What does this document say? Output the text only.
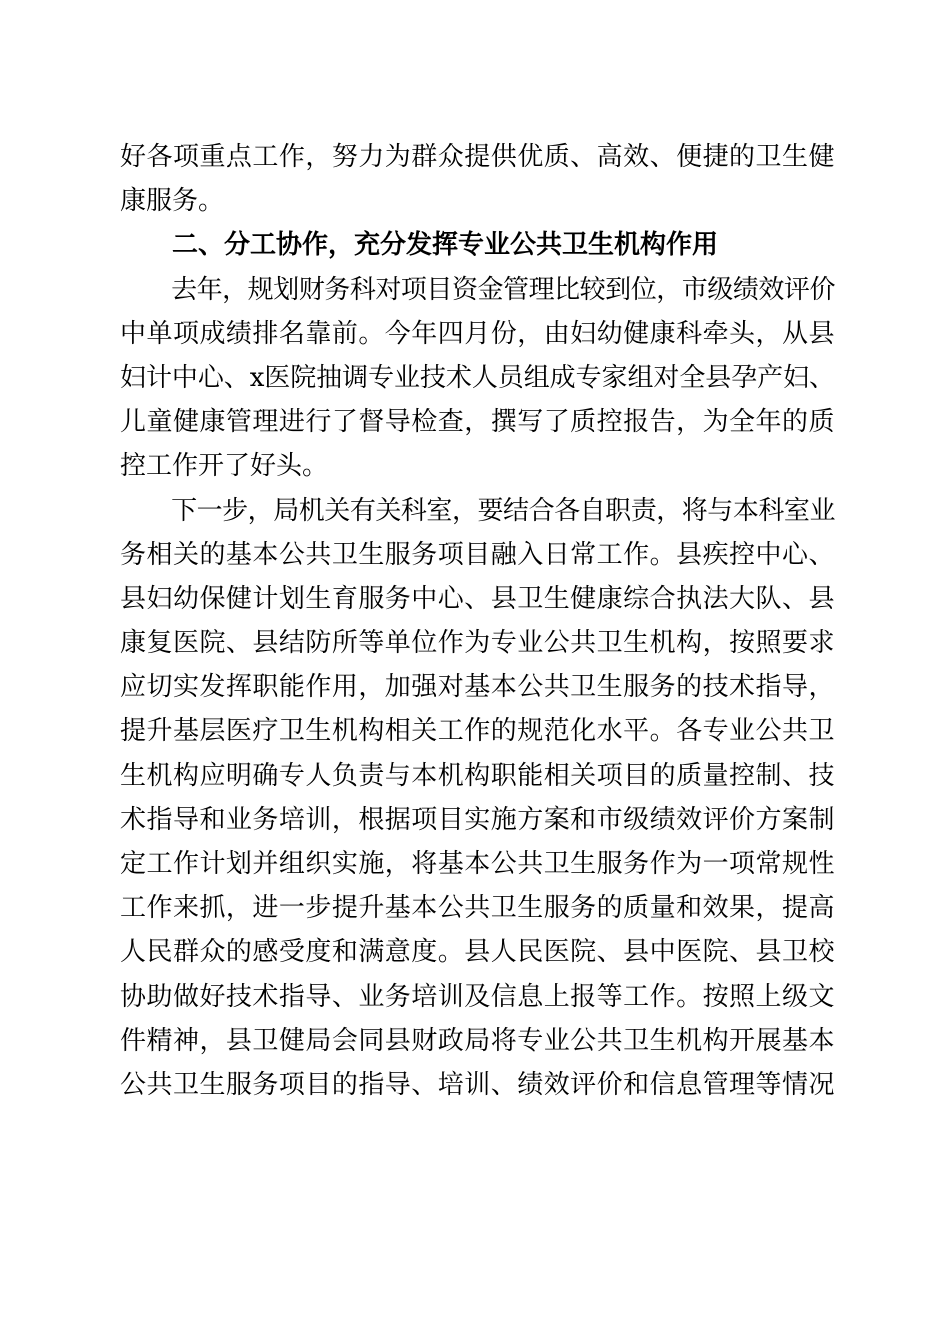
好各项重点工作，努力为群众提供优质、高效、便捷的卫生健
康服务。
　　二、分工协作，充分发挥专业公共卫生机构作用
　　去年，规划财务科对项目资金管理比较到位，市级绩效评价
中单项成绩排名靠前。今年四月份，由妇幼健康科牵头，从县
妇计中心、x医院抽调专业技术人员组成专家组对全县孕产妇、
儿童健康管理进行了督导检查，撰写了质控报告，为全年的质
控工作开了好头。
　　下一步，局机关有关科室，要结合各自职责，将与本科室业
务相关的基本公共卫生服务项目融入日常工作。县疾控中心、
县妇幼保健计划生育服务中心、县卫生健康综合执法大队、县
康复医院、县结防所等单位作为专业公共卫生机构，按照要求
应切实发挥职能作用，加强对基本公共卫生服务的技术指导，
提升基层医疗卫生机构相关工作的规范化水平。各专业公共卫
生机构应明确专人负责与本机构职能相关项目的质量控制、技
术指导和业务培训，根据项目实施方案和市级绩效评价方案制
定工作计划并组织实施，将基本公共卫生服务作为一项常规性
工作来抓，进一步提升基本公共卫生服务的质量和效果，提高
人民群众的感受度和满意度。县人民医院、县中医院、县卫校
协助做好技术指导、业务培训及信息上报等工作。按照上级文
件精神，县卫健局会同县财政局将专业公共卫生机构开展基本
公共卫生服务项目的指导、培训、绩效评价和信息管理等情况
